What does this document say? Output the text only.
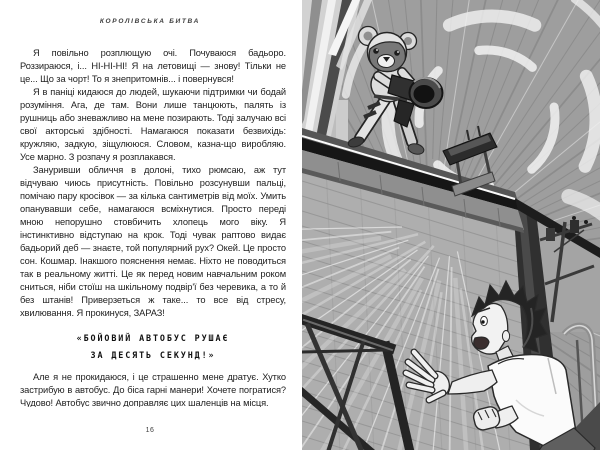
КОРОЛІВСЬКА БИТВА

Я повільно розплющую очі. Почуваюся бадьоро. Роззираюся, і... НІ-НІ-НІ! Я на летовищі — знову! Тільки не це... Що за чорт! То я знепритомнів... і повернувся!

Я в паніці кидаюся до людей, шукаючи підтримки чи бодай розуміння. Ага, де там. Вони лише танцюють, палять із рушниць або зневажливо на мене позирають. Тоді залучаю всі свої акторські здібності. Намагаюся показати безвихідь: кружляю, задкую, зіщулююся. Словом, казна-що виробляю. Усе марно. З розпачу я розплакався.

Зануривши обличчя в долоні, тихо рюмсаю, аж тут відчуваю чиюсь присутність. Повільно розсунувши пальці, помічаю пару кросівок — за кілька сантиметрів від моїх. Умить опанувавши себе, намагаюся всміхнутися. Просто переді мною непорушно стовбичить хлопець мого віку. Я інстинктивно відступаю на крок. Тоді чувак раптово видає бадьорий деб — знаєте, той популярний рух? Окей. Це просто сон. Кошмар. Інакшого пояснення немає. Ніхто не поводиться так в реальному житті. Це як перед новим навчальним роком сниться, ніби стоїш на шкільному подвір'ї без черевика, а то й без штанів! Приверзеться ж таке... то все від стресу, хвилювання. Я прокинуся, ЗАРАЗ!

«БОЙОВИЙ АВТОБУС РУШАЄ
ЗА ДЕСЯТЬ СЕКУНД!»

Але я не прокидаюся, і це страшенно мене дратує. Хутко застрибую в автобус. До біса гарні манери! Хочете погратися? Чудово! Автобус звично доправляє цих шаленців на місця.

16
